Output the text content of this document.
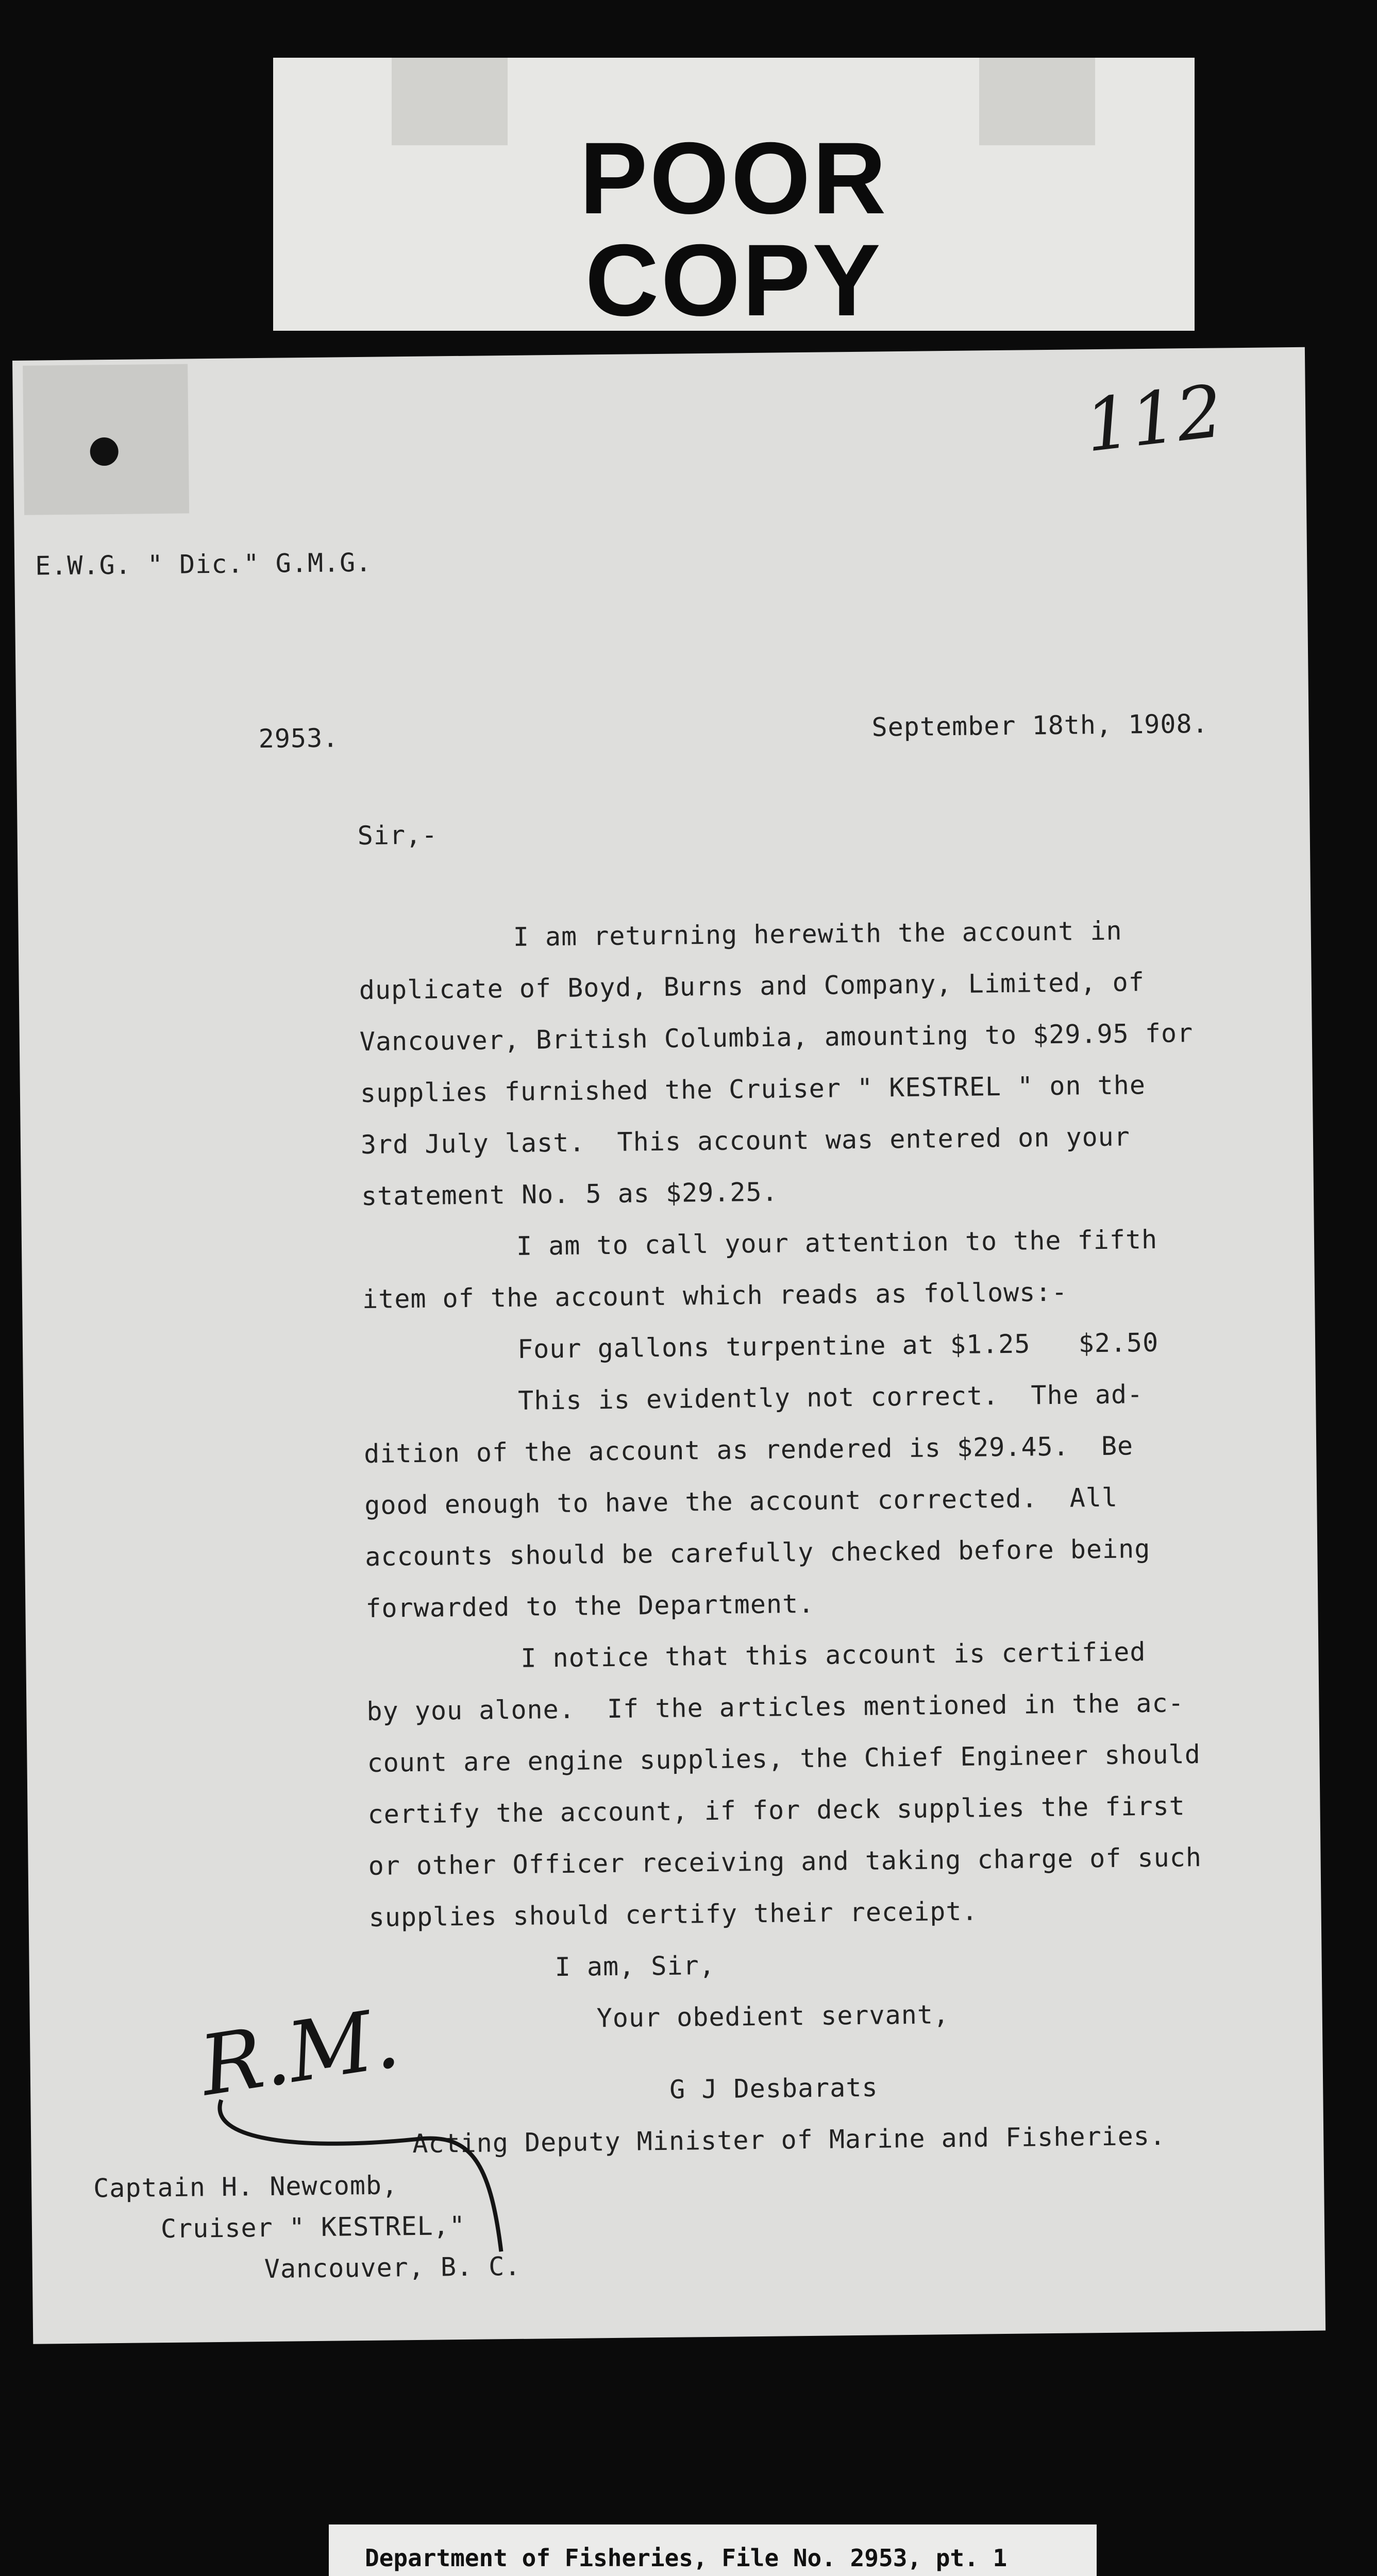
POOR
COPY
●	112
E.W.G. " Dic." G.M.G.
2953.	September 18th, 1908.
Sir,-
I am returning herewith the account in
duplicate of Boyd, Burns and Company, Limited, of
Vancouver, British Columbia, amounting to $29.95 for
supplies furnished the Cruiser " KESTREL " on the
3rd July last.  This account was entered on your
statement No. 5 as $29.25.
I am to call your attention to the fifth
item of the account which reads as follows:-
Four gallons turpentine at $1.25   $2.50
This is evidently not correct.  The ad-
dition of the account as rendered is $29.45.  Be
good enough to have the account corrected.  All
accounts should be carefully checked before being
forwarded to the Department.
I notice that this account is certified
by you alone.  If the articles mentioned in the ac-
count are engine supplies, the Chief Engineer should
certify the account, if for deck supplies the first
or other Officer receiving and taking charge of such
supplies should certify their receipt.
I am, Sir,
Your obedient servant,
G J Desbarats
Acting Deputy Minister of Marine and Fisheries.
R.M.
Captain H. Newcomb,
Cruiser " KESTREL,"
Vancouver, B. C.
Department of Fisheries, File No. 2953, pt. 1
